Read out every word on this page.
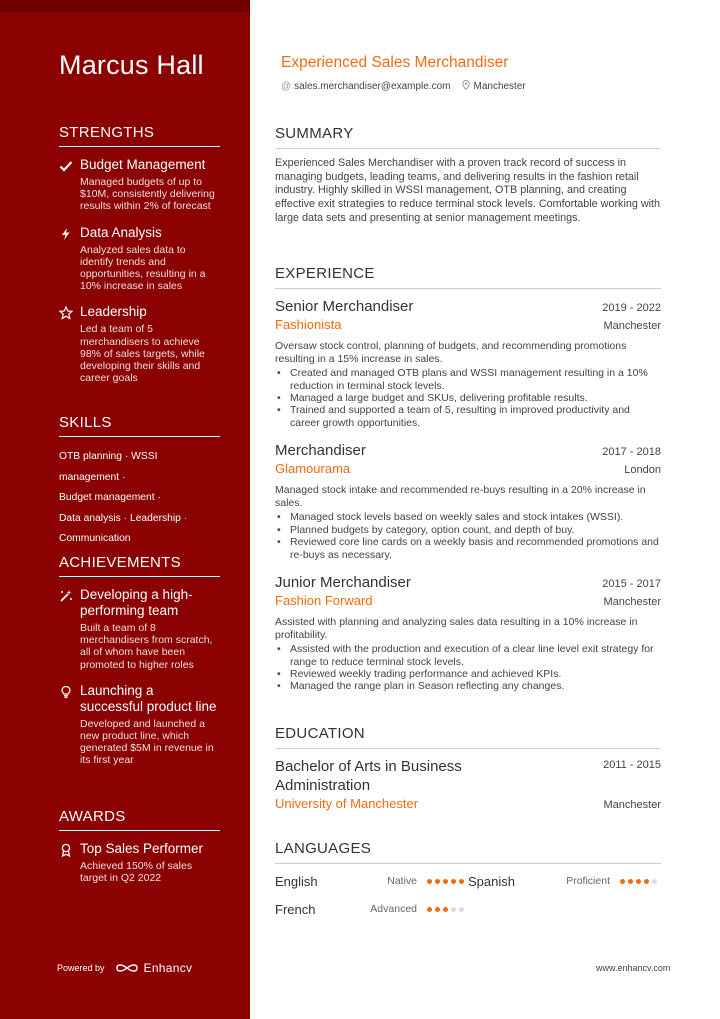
Marcus Hall
STRENGTHS
Budget Management
Managed budgets of up to $10M, consistently delivering results within 2% of forecast
Data Analysis
Analyzed sales data to identify trends and opportunities, resulting in a 10% increase in sales
Leadership
Led a team of 5 merchandisers to achieve 98% of sales targets, while developing their skills and career goals
SKILLS
OTB planning · WSSI management ·
Budget management ·
Data analysis · Leadership ·
Communication
ACHIEVEMENTS
Developing a high-performing team
Built a team of 8 merchandisers from scratch, all of whom have been promoted to higher roles
Launching a successful product line
Developed and launched a new product line, which generated $5M in revenue in its first year
AWARDS
Top Sales Performer
Achieved 150% of sales target in Q2 2022
Powered by	Enhancv
Experienced Sales Merchandiser
@ sales.merchandiser@example.com Manchester
SUMMARY
Experienced Sales Merchandiser with a proven track record of success in managing budgets, leading teams, and delivering results in the fashion retail industry. Highly skilled in WSSI management, OTB planning, and creating effective exit strategies to reduce terminal stock levels. Comfortable working with large data sets and presenting at senior management meetings.
EXPERIENCE
Senior Merchandiser	2019 - 2022
Fashionista	Manchester
Oversaw stock control, planning of budgets, and recommending promotions resulting in a 15% increase in sales.
• Created and managed OTB plans and WSSI management resulting in a 10% reduction in terminal stock levels.
• Managed a large budget and SKUs, delivering profitable results.
• Trained and supported a team of 5, resulting in improved productivity and career growth opportunities.
Merchandiser	2017 - 2018
Glamourama	London
Managed stock intake and recommended re-buys resulting in a 20% increase in sales.
• Managed stock levels based on weekly sales and stock intakes (WSSI).
• Planned budgets by category, option count, and depth of buy.
• Reviewed core line cards on a weekly basis and recommended promotions and re-buys as necessary.
Junior Merchandiser	2015 - 2017
Fashion Forward	Manchester
Assisted with planning and analyzing sales data resulting in a 10% increase in profitability.
• Assisted with the production and execution of a clear line level exit strategy for range to reduce terminal stock levels.
• Reviewed weekly trading performance and achieved KPIs.
• Managed the range plan in Season reflecting any changes.
EDUCATION
Bachelor of Arts in Business Administration
2011 - 2015
University of Manchester	Manchester
LANGUAGES
English	Native	Spanish	Proficient
French	Advanced
www.enhancv.com
